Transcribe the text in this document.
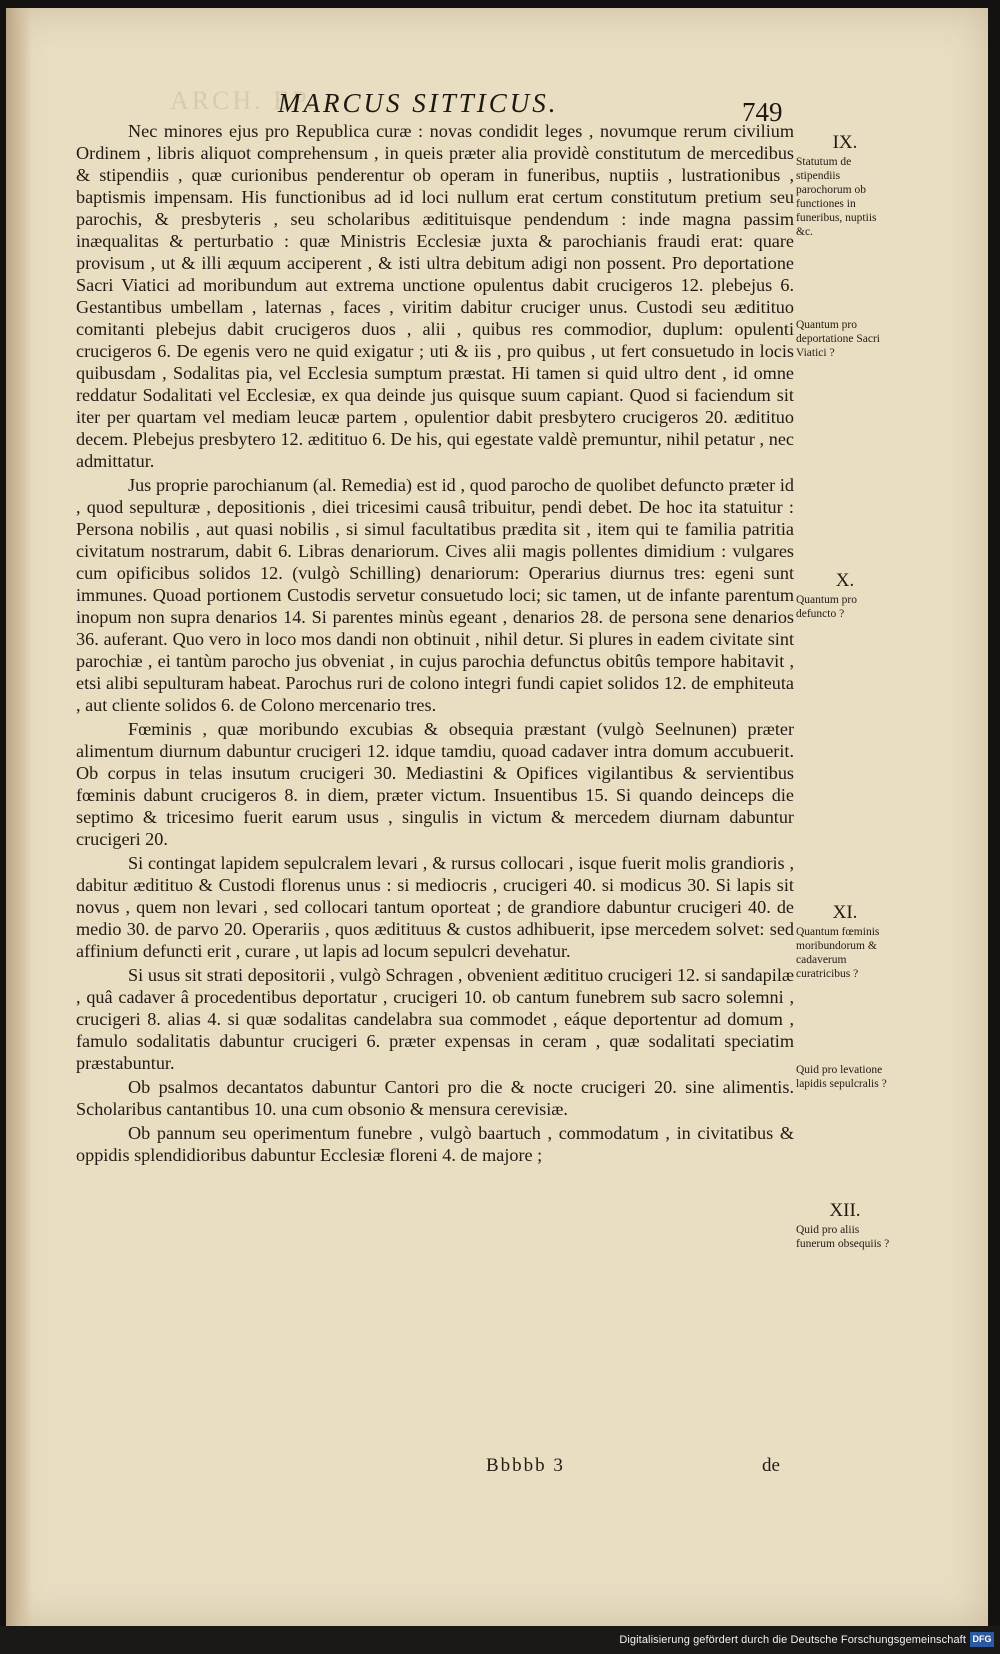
ARCH. EP.
MARCUS SITTICUS.	749

Nec minores ejus pro Republica curæ : novas condidit leges , novumque rerum civilium Ordinem , libris aliquot comprehensum , in queis præter alia providè constitutum de mercedibus & stipendiis , quæ curionibus penderentur ob operam in funeribus, nuptiis , lustrationibus , baptismis impensam. His functionibus ad id loci nullum erat certum constitutum pretium seu parochis, & presbyteris , seu scholaribus æditituisque pendendum : inde magna passim inæqualitas & perturbatio : quæ Ministris Ecclesiæ juxta & parochianis fraudi erat: quare provisum , ut & illi æquum acciperent , & isti ultra debitum adigi non possent. Pro deportatione Sacri Viatici ad moribundum aut extrema unctione opulentus dabit crucigeros 12. plebejus 6. Gestantibus umbellam , laternas , faces , viritim dabitur cruciger unus. Custodi seu æditituo comitanti plebejus dabit crucigeros duos , alii , quibus res commodior, duplum: opulenti crucigeros 6. De egenis vero ne quid exigatur ; uti & iis , pro quibus , ut fert consuetudo in locis quibusdam , Sodalitas pia, vel Ecclesia sumptum præstat. Hi tamen si quid ultro dent , id omne reddatur Sodalitati vel Ecclesiæ, ex qua deinde jus quisque suum capiant. Quod si faciendum sit iter per quartam vel mediam leucæ partem , opulentior dabit presbytero crucigeros 20. æditituo decem. Plebejus presbytero 12. æditituo 6. De his, qui egestate valdè premuntur, nihil petatur , nec admittatur.

Jus proprie parochianum (al. Remedia) est id , quod parocho de quolibet defuncto præter id , quod sepulturæ , depositionis , diei tricesimi causâ tribuitur, pendi debet. De hoc ita statuitur : Persona nobilis , aut quasi nobilis , si simul facultatibus prædita sit , item qui te familia patritia civitatum nostrarum, dabit 6. Libras denariorum. Cives alii magis pollentes dimidium : vulgares cum opificibus solidos 12. (vulgò Schilling) denariorum: Operarius diurnus tres: egeni sunt immunes. Quoad portionem Custodis servetur consuetudo loci; sic tamen, ut de infante parentum inopum non supra denarios 14. Si parentes minùs egeant , denarios 28. de persona sene denarios 36. auferant. Quo vero in loco mos dandi non obtinuit , nihil detur. Si plures in eadem civitate sint parochiæ , ei tantùm parocho jus obveniat , in cujus parochia defunctus obitûs tempore habitavit , etsi alibi sepulturam habeat. Parochus ruri de colono integri fundi capiet solidos 12. de emphiteuta , aut cliente solidos 6. de Colono mercenario tres.

Fœminis , quæ moribundo excubias & obsequia præstant (vulgò Seelnunen) præter alimentum diurnum dabuntur crucigeri 12. idque tamdiu, quoad cadaver intra domum accubuerit. Ob corpus in telas insutum crucigeri 30. Mediastini & Opifices vigilantibus & servientibus fœminis dabunt crucigeros 8. in diem, præter victum. Insuentibus 15. Si quando deinceps die septimo & tricesimo fuerit earum usus , singulis in victum & mercedem diurnam dabuntur crucigeri 20.

Si contingat lapidem sepulcralem levari , & rursus collocari , isque fuerit molis grandioris , dabitur æditituo & Custodi florenus unus : si mediocris , crucigeri 40. si modicus 30. Si lapis sit novus , quem non levari , sed collocari tantum oporteat ; de grandiore dabuntur crucigeri 40. de medio 30. de parvo 20. Operariis , quos æditituus & custos adhibuerit, ipse mercedem solvet: sed affinium defuncti erit , curare , ut lapis ad locum sepulcri devehatur.

Si usus sit strati depositorii , vulgò Schragen , obvenient æditituo crucigeri 12. si sandapilæ , quâ cadaver â procedentibus deportatur , crucigeri 10. ob cantum funebrem sub sacro solemni , crucigeri 8. alias 4. si quæ sodalitas candelabra sua commodet , eáque deportentur ad domum , famulo sodalitatis dabuntur crucigeri 6. præter expensas in ceram , quæ sodalitati speciatim præstabuntur.

Ob psalmos decantatos dabuntur Cantori pro die & nocte crucigeri 20. sine alimentis. Scholaribus cantantibus 10. una cum obsonio & mensura cerevisiæ.

Ob pannum seu operimentum funebre , vulgò baartuch , commodatum , in civitatibus & oppidis splendidioribus dabuntur Ecclesiæ floreni 4. de majore ;

IX.
Statutum de stipendiis parochorum ob functiones in funeribus, nuptiis &c.
Quantum pro deportatione Sacri Viatici ?
X.
Quantum pro defuncto ?
XI.
Quantum fœminis moribundorum & cadaverum curatricibus ?
Quid pro levatione lapidis sepulcralis ?
XII.
Quid pro aliis funerum obsequiis ?
Bbbbb 3	de
Digitalisierung gefördert durch die Deutsche Forschungsgemeinschaft DFG
